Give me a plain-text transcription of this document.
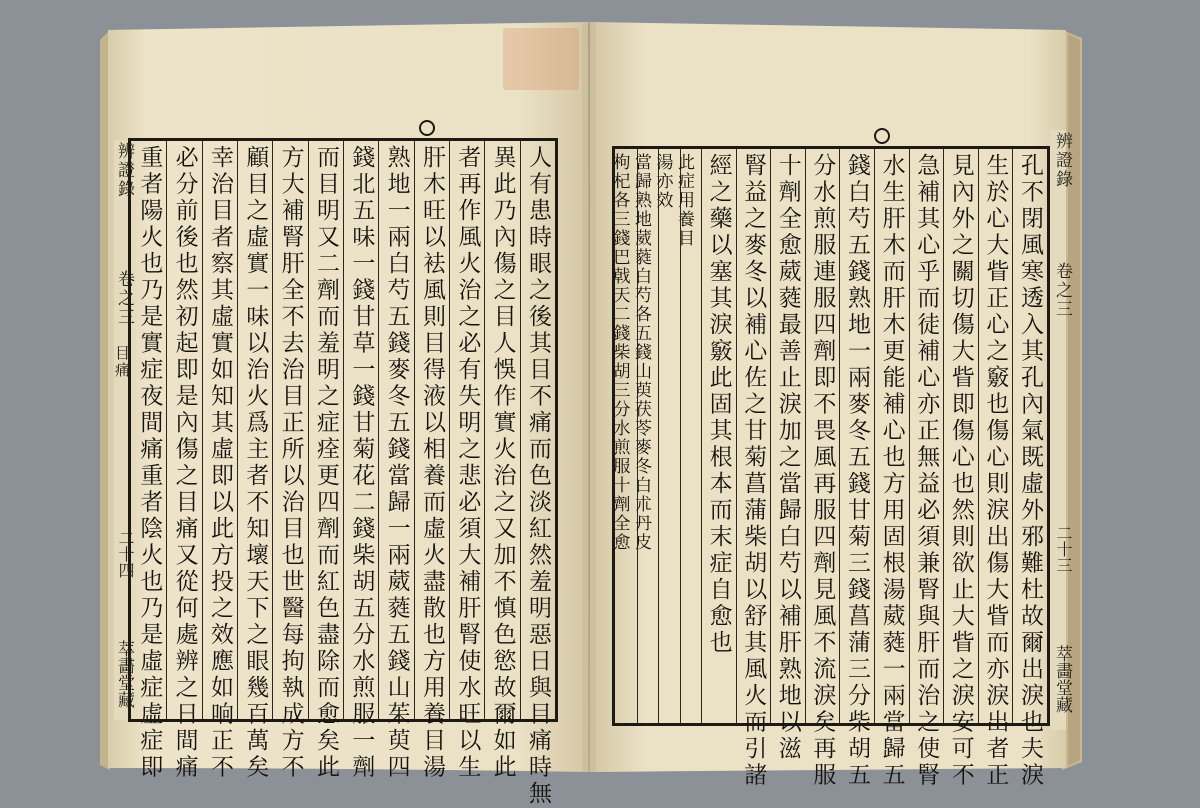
辨證錄
卷之三
目痛
二十四
萃畵堂藏
辨證錄
卷之三
二十三
萃畵堂藏
人有患時眼之後其目不痛而色淡紅然羞明惡日與目痛時無
異此乃內傷之目人悞作實火治之又加不慎色慾故爾如此
者再作風火治之必有失明之悲必須大補肝腎使水旺以生
肝木旺以袪風則目得液以相養而虛火盡散也方用養目湯
熟地一兩白芍五錢麥冬五錢當歸一兩葳蕤五錢山茱萸四
錢北五味一錢甘草一錢甘菊花二錢柴胡五分水煎服一劑
而目明又二劑而羞明之症痊更四劑而紅色盡除而愈矣此
方大補腎肝全不去治目正所以治目也世醫每拘執成方不
顧目之虛實一味以治火爲主者不知壞天下之眼幾百萬矣
幸治目者察其虛實如知其虛即以此方投之效應如响正不
必分前後也然初起即是內傷之目痛又從何處辨之日間痛
重者陽火也乃是實症夜間痛重者陰火也乃是虛症虛症即	孔不閉風寒透入其孔內氣既虛外邪難杜故爾出淚也夫淚
生於心大眥正心之竅也傷心則淚出傷大眥而亦淚出者正
見內外之關切傷大眥即傷心也然則欲止大眥之淚安可不
急補其心乎而徒補心亦正無益必須兼腎與肝而治之使腎
水生肝木而肝木更能補心也方用固根湯葳蕤一兩當歸五
錢白芍五錢熟地一兩麥冬五錢甘菊三錢菖蒲三分柴胡五
分水煎服連服四劑即不畏風再服四劑見風不流淚矣再服
十劑全愈葳蕤最善止淚加之當歸白芍以補肝熟地以滋
腎益之麥冬以補心佐之甘菊菖蒲柴胡以舒其風火而引諸
經之藥以塞其淚竅此固其根本而末症自愈也
此症用養目
湯亦效
當歸熟地葳蕤白芍各五錢山萸茯苓麥冬白朮丹皮
枸杞各三錢巴戟天二錢柴胡三分水煎服十劑全愈
